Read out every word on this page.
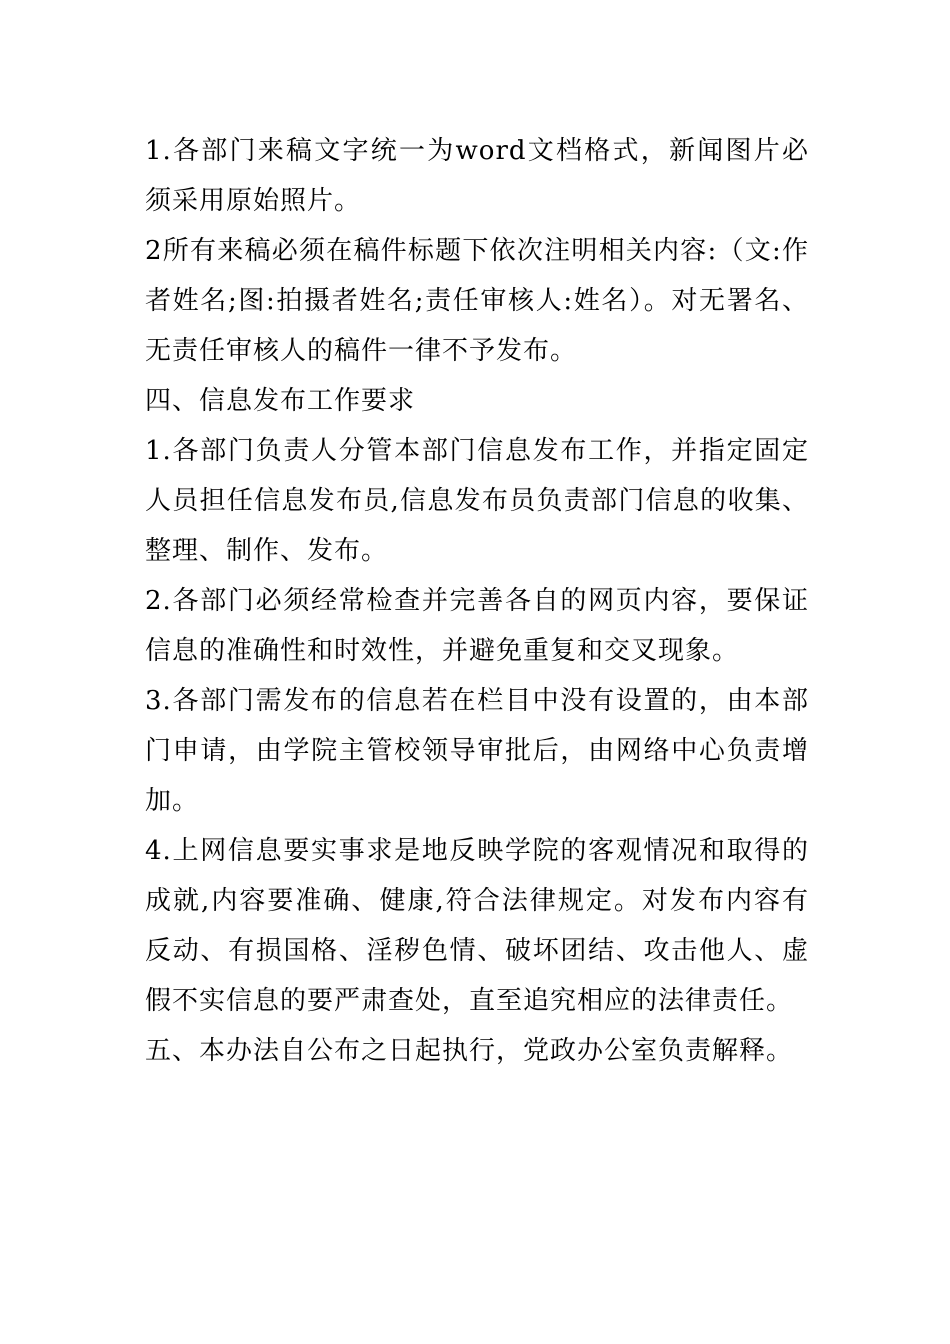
1.各部门来稿文字统一为word文档格式，新闻图片必须采用原始照片。

2所有来稿必须在稿件标题下依次注明相关内容:（文:作者姓名;图:拍摄者姓名;责任审核人:姓名）。对无署名、无责任审核人的稿件一律不予发布。

四、信息发布工作要求

1.各部门负责人分管本部门信息发布工作，并指定固定人员担任信息发布员,信息发布员负责部门信息的收集、整理、制作、发布。

2.各部门必须经常检查并完善各自的网页内容，要保证信息的准确性和时效性，并避免重复和交叉现象。

3.各部门需发布的信息若在栏目中没有设置的，由本部门申请，由学院主管校领导审批后，由网络中心负责增加。

4.上网信息要实事求是地反映学院的客观情况和取得的成就,内容要准确、健康,符合法律规定。对发布内容有反动、有损国格、淫秽色情、破坏团结、攻击他人、虚假不实信息的要严肃查处，直至追究相应的法律责任。

五、本办法自公布之日起执行，党政办公室负责解释。
